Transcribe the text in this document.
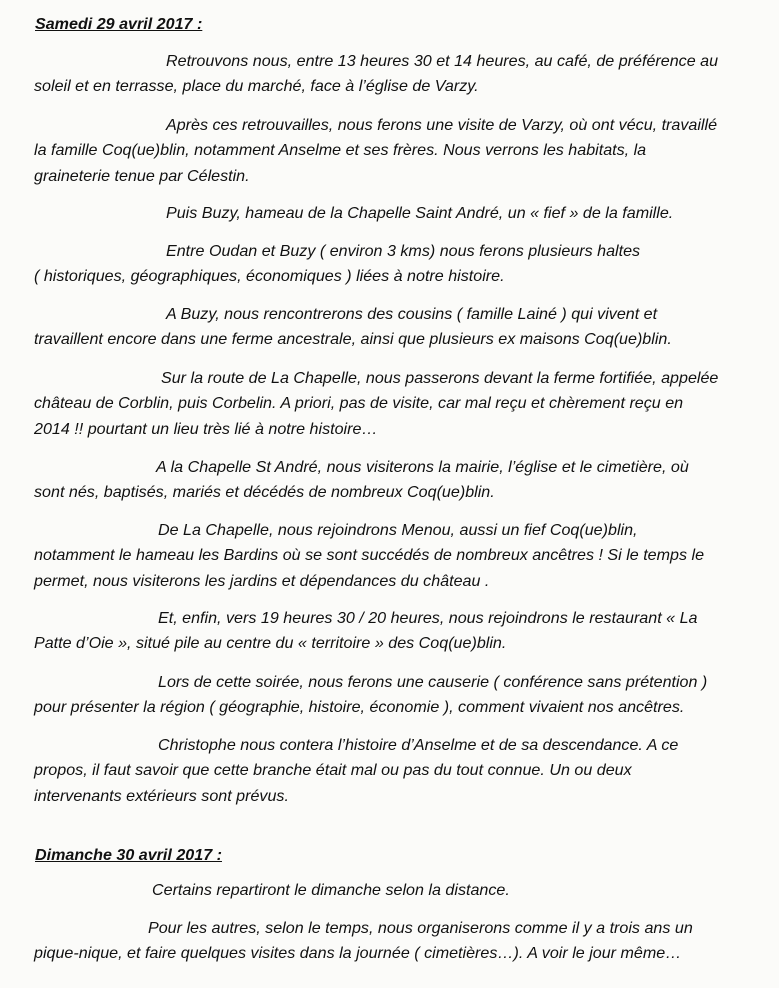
Samedi 29 avril 2017 :

Retrouvons nous, entre 13 heures 30 et 14 heures, au café, de préférence au
soleil et en terrasse, place du marché, face à l’église de Varzy.

Après ces retrouvailles, nous ferons une visite de Varzy, où ont vécu, travaillé
la famille Coq(ue)blin, notamment Anselme et ses frères. Nous verrons les habitats, la
graineterie tenue par Célestin.

Puis Buzy, hameau de la Chapelle Saint André, un « fief » de la famille.

Entre Oudan et Buzy ( environ 3 kms) nous ferons plusieurs haltes
( historiques, géographiques, économiques ) liées à notre histoire.

A Buzy, nous rencontrerons des cousins ( famille Lainé ) qui vivent et
travaillent encore dans une ferme ancestrale, ainsi que plusieurs ex maisons Coq(ue)blin.

Sur la route de La Chapelle, nous passerons devant la ferme fortifiée, appelée
château de Corblin, puis Corbelin. A priori, pas de visite, car mal reçu et chèrement reçu en
2014 !! pourtant un lieu très lié à notre histoire…

A la Chapelle St André, nous visiterons la mairie, l’église et le cimetière, où
sont nés, baptisés, mariés et décédés de nombreux Coq(ue)blin.

De La Chapelle, nous rejoindrons Menou, aussi un fief Coq(ue)blin,
notamment le hameau les Bardins où se sont succédés de nombreux ancêtres ! Si le temps le
permet, nous visiterons les jardins et dépendances du château .

Et, enfin, vers 19 heures 30 / 20 heures, nous rejoindrons le restaurant « La
Patte d’Oie », situé pile au centre du « territoire » des Coq(ue)blin.

Lors de cette soirée, nous ferons une causerie ( conférence sans prétention )
pour présenter la région ( géographie, histoire, économie ), comment vivaient nos ancêtres.

Christophe nous contera l’histoire d’Anselme et de sa descendance. A ce
propos, il faut savoir que cette branche était mal ou pas du tout connue. Un ou deux
intervenants extérieurs sont prévus.

Dimanche 30 avril 2017 :

Certains repartiront le dimanche selon la distance.

Pour les autres, selon le temps, nous organiserons comme il y a trois ans un
pique-nique, et faire quelques visites dans la journée ( cimetières…). A voir le jour même…
